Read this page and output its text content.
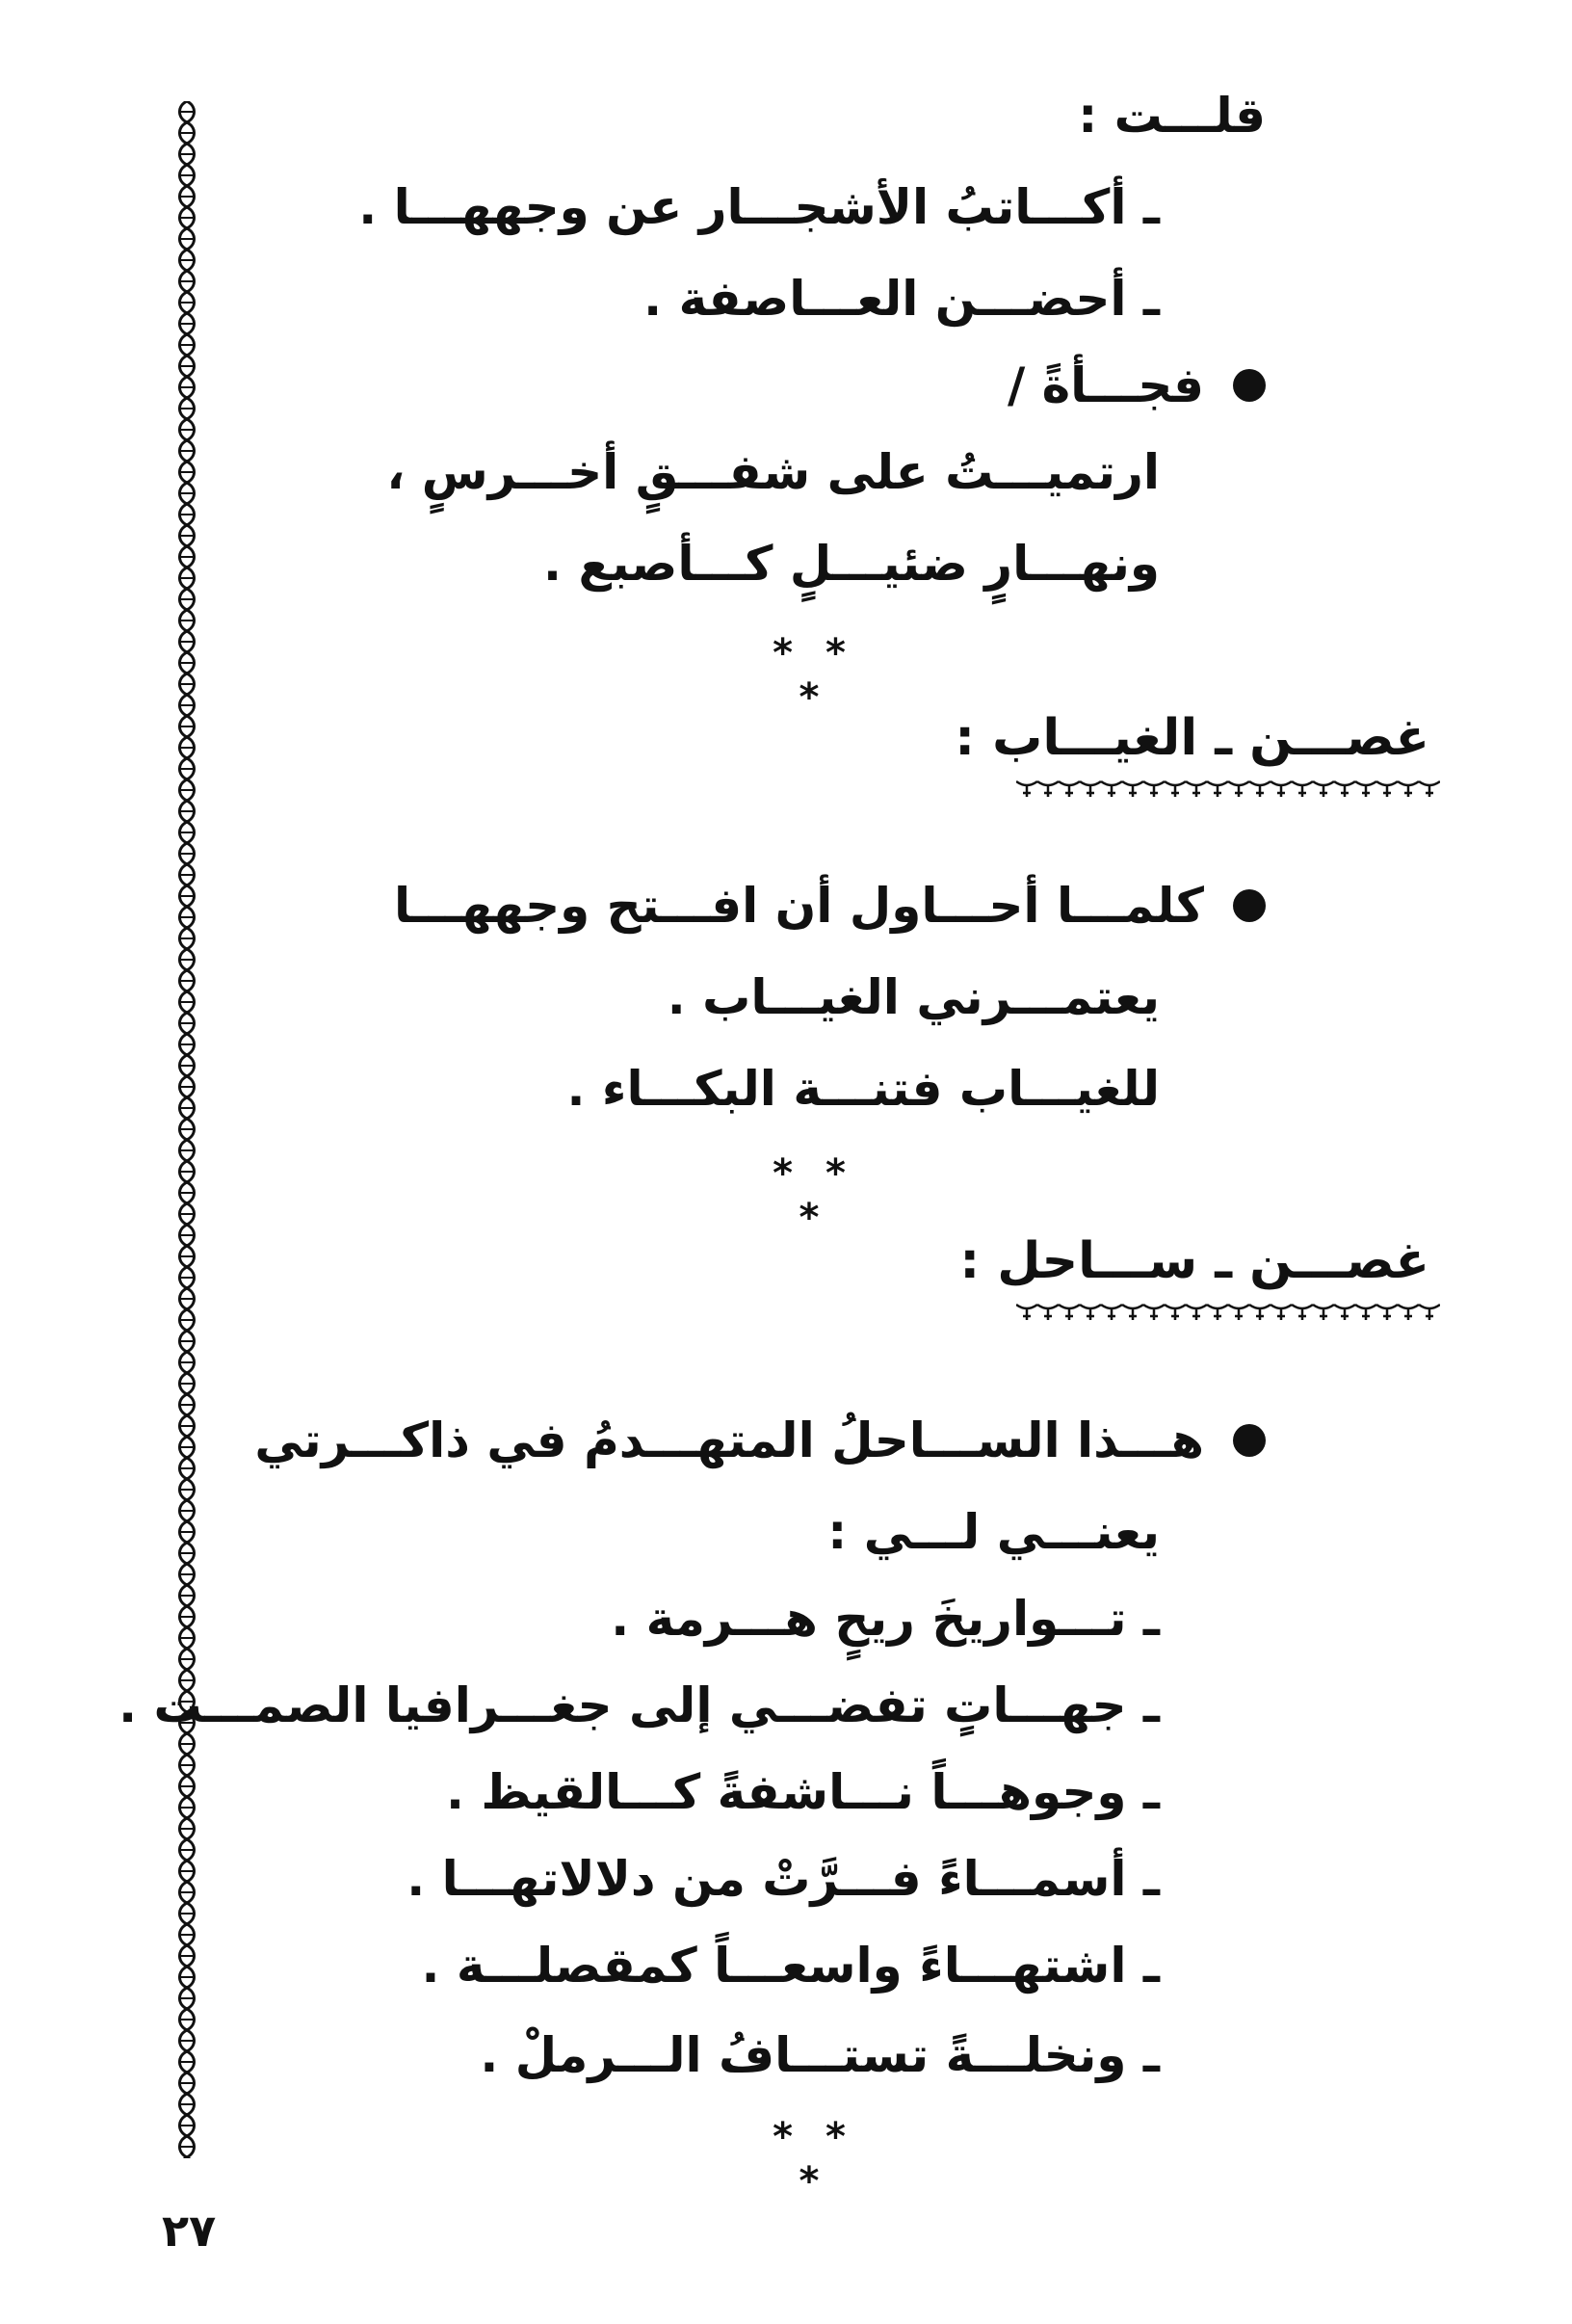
قلـــت :
ـ أكـــاتبُ الأشجـــار عن وجههـــا .
ـ أحضـــن العـــاصفة .
فجـــأةً /
ارتميـــتُ على شفـــقٍ أخـــرسٍ ،
ونهـــارٍ ضئيـــلٍ كـــأصبع .
* * *
غصـــن ـ الغيـــاب :
كلمـــا أحـــاول أن افـــتح وجههـــا
يعتمـــرني الغيـــاب .
للغيـــاب فتنـــة البكـــاء .
* * *
غصـــن ـ ســـاحل :
هـــذا الســـاحلُ المتهـــدمُ في ذاكـــرتي
يعنـــي لـــي :
ـ تـــواريخَ ريحٍ هـــرمة .
ـ جهـــاتٍ تفضـــي إلى جغـــرافيا الصمـــت .
ـ وجوهـــاً نـــاشفةً كـــالقيظ .
ـ أسمـــاءً فـــرَّتْ من دلالاتهـــا .
ـ اشتهـــاءً واسعـــاً كمقصلـــة .
ـ ونخلـــةً تستـــافُ الـــرملْ .
* * *
٢٧
